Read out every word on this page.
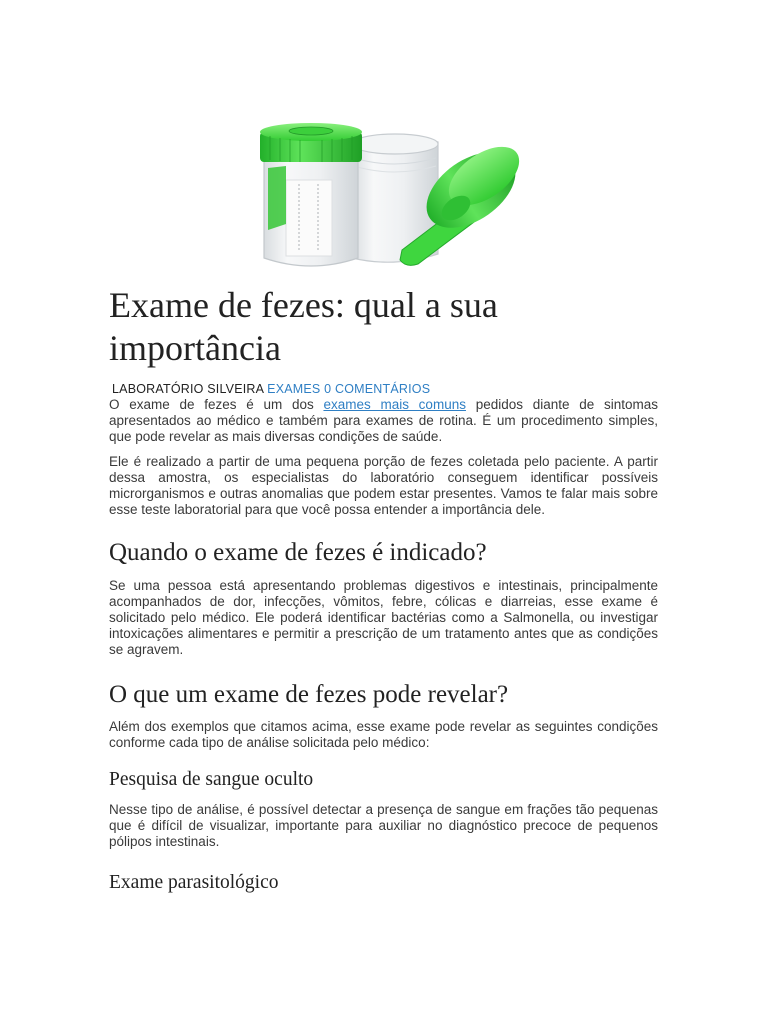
Exame de fezes: qual a sua importância
LABORATÓRIO SILVEIRA EXAMES 0 COMENTÁRIOS

O exame de fezes é um dos exames mais comuns pedidos diante de sintomas apresentados ao médico e também para exames de rotina. É um procedimento simples, que pode revelar as mais diversas condições de saúde.

Ele é realizado a partir de uma pequena porção de fezes coletada pelo paciente. A partir dessa amostra, os especialistas do laboratório conseguem identificar possíveis microrganismos e outras anomalias que podem estar presentes. Vamos te falar mais sobre esse teste laboratorial para que você possa entender a importância dele.

Quando o exame de fezes é indicado?

Se uma pessoa está apresentando problemas digestivos e intestinais, principalmente acompanhados de dor, infecções, vômitos, febre, cólicas e diarreias, esse exame é solicitado pelo médico. Ele poderá identificar bactérias como a Salmonella, ou investigar intoxicações alimentares e permitir a prescrição de um tratamento antes que as condições se agravem.

O que um exame de fezes pode revelar?

Além dos exemplos que citamos acima, esse exame pode revelar as seguintes condições conforme cada tipo de análise solicitada pelo médico:

Pesquisa de sangue oculto

Nesse tipo de análise, é possível detectar a presença de sangue em frações tão pequenas que é difícil de visualizar, importante para auxiliar no diagnóstico precoce de pequenos pólipos intestinais.

Exame parasitológico
